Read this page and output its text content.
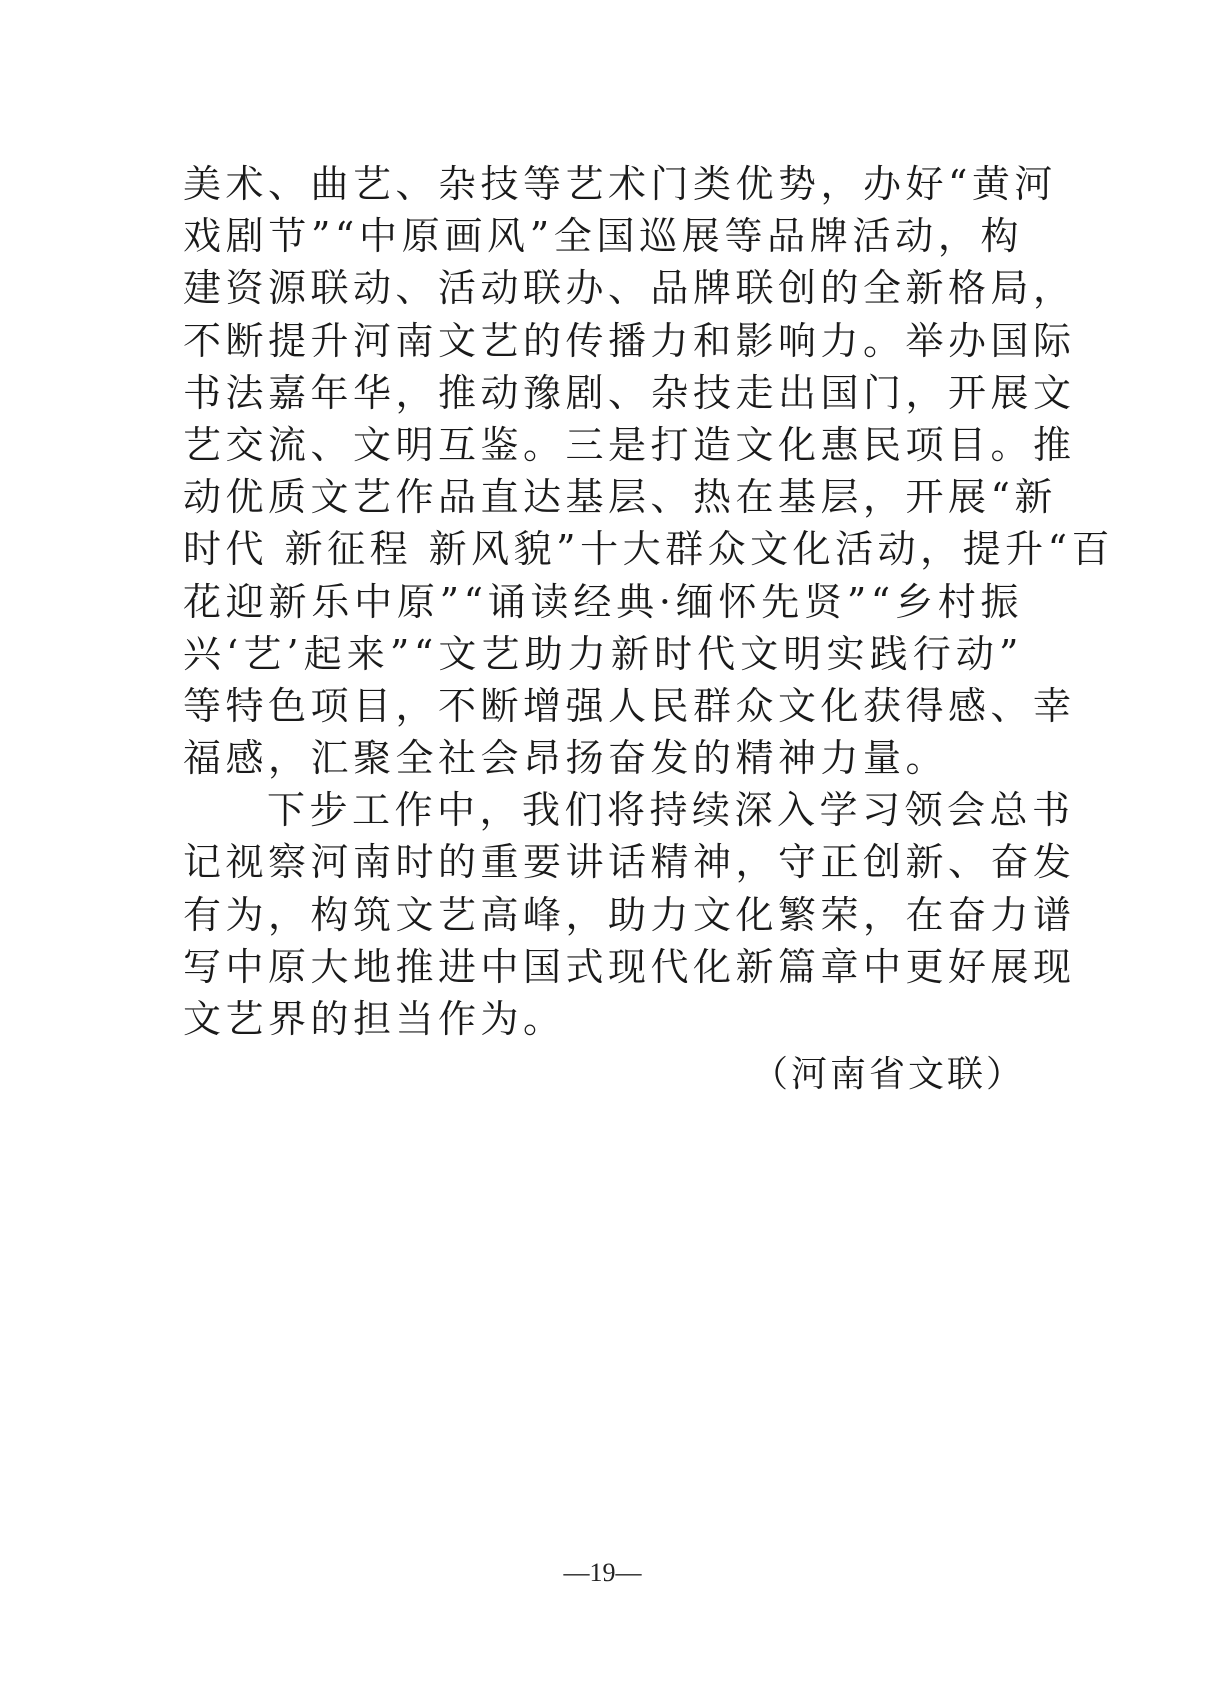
美术、曲艺、杂技等艺术门类优势，办好“黄河
戏剧节”“中原画风”全国巡展等品牌活动，构
建资源联动、活动联办、品牌联创的全新格局，
不断提升河南文艺的传播力和影响力。举办国际
书法嘉年华，推动豫剧、杂技走出国门，开展文
艺交流、文明互鉴。三是打造文化惠民项目。推
动优质文艺作品直达基层、热在基层，开展“新
时代 新征程 新风貌”十大群众文化活动，提升“百
花迎新乐中原”“诵读经典·缅怀先贤”“乡村振
兴‘艺’起来”“文艺助力新时代文明实践行动”
等特色项目，不断增强人民群众文化获得感、幸
福感，汇聚全社会昂扬奋发的精神力量。
下步工作中，我们将持续深入学习领会总书
记视察河南时的重要讲话精神，守正创新、奋发
有为，构筑文艺高峰，助力文化繁荣，在奋力谱
写中原大地推进中国式现代化新篇章中更好展现
文艺界的担当作为。
（河南省文联）
—19—
